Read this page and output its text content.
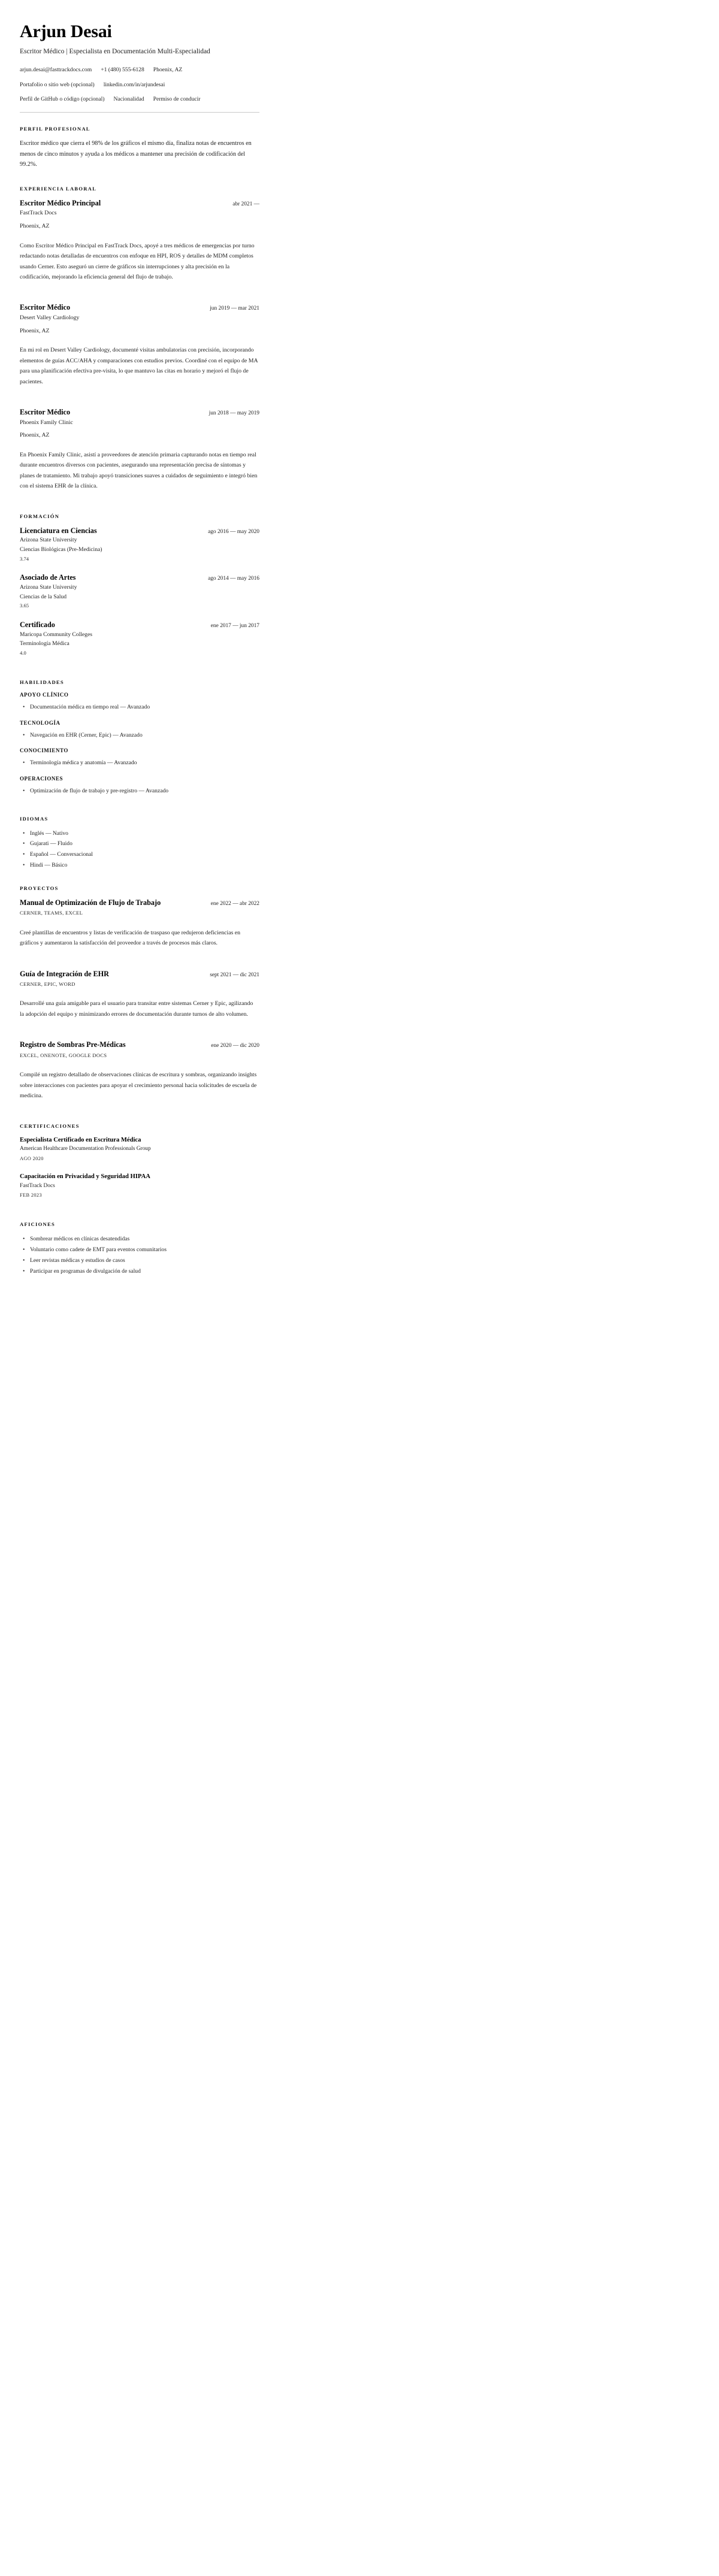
Arjun Desai
Escritor Médico | Especialista en Documentación Multi-Especialidad
arjun.desai@fasttrackdocs.com +1 (480) 555-6128 Phoenix, AZ
Portafolio o sitio web (opcional) linkedin.com/in/arjundesai
Perfil de GitHub o código (opcional) Nacionalidad Permiso de conducir
PERFIL PROFESIONAL

Escritor médico que cierra el 98% de los gráficos el mismo día, finaliza notas de encuentros en menos de cinco minutos y ayuda a los médicos a mantener una precisión de codificación del 99.2%.

EXPERIENCIA LABORAL
Escritor Médico Principal	abr 2021 —
FastTrack Docs
Phoenix, AZ
Como Escritor Médico Principal en FastTrack Docs, apoyé a tres médicos de emergencias por turno redactando notas detalladas de encuentros con enfoque en HPI, ROS y detalles de MDM completos usando Cerner. Esto aseguró un cierre de gráficos sin interrupciones y alta precisión en la codificación, mejorando la eficiencia general del flujo de trabajo.
Escritor Médico	jun 2019 — mar 2021
Desert Valley Cardiology
Phoenix, AZ
En mi rol en Desert Valley Cardiology, documenté visitas ambulatorias con precisión, incorporando elementos de guías ACC/AHA y comparaciones con estudios previos. Coordiné con el equipo de MA para una planificación efectiva pre-visita, lo que mantuvo las citas en horario y mejoró el flujo de pacientes.
Escritor Médico	jun 2018 — may 2019
Phoenix Family Clinic
Phoenix, AZ
En Phoenix Family Clinic, asistí a proveedores de atención primaria capturando notas en tiempo real durante encuentros diversos con pacientes, asegurando una representación precisa de síntomas y planes de tratamiento. Mi trabajo apoyó transiciones suaves a cuidados de seguimiento e integró bien con el sistema EHR de la clínica.
FORMACIÓN
Licenciatura en Ciencias	ago 2016 — may 2020
Arizona State University
Ciencias Biológicas (Pre-Medicina)
3.74
Asociado de Artes	ago 2014 — may 2016
Arizona State University
Ciencias de la Salud
3.65
Certificado	ene 2017 — jun 2017
Maricopa Community Colleges
Terminología Médica
4.0
HABILIDADES
APOYO CLÍNICO
• Documentación médica en tiempo real — Avanzado
TECNOLOGÍA
• Navegación en EHR (Cerner, Epic) — Avanzado
CONOCIMIENTO
• Terminología médica y anatomía — Avanzado
OPERACIONES
• Optimización de flujo de trabajo y pre-registro — Avanzado
IDIOMAS
• Inglés — Nativo
• Gujarati — Fluido
• Español — Conversacional
• Hindi — Básico
PROYECTOS
Manual de Optimización de Flujo de Trabajo	ene 2022 — abr 2022
CERNER, TEAMS, EXCEL
Creé plantillas de encuentros y listas de verificación de traspaso que redujeron deficiencias en gráficos y aumentaron la satisfacción del proveedor a través de procesos más claros.
Guía de Integración de EHR	sept 2021 — dic 2021
CERNER, EPIC, WORD
Desarrollé una guía amigable para el usuario para transitar entre sistemas Cerner y Epic, agilizando la adopción del equipo y minimizando errores de documentación durante turnos de alto volumen.
Registro de Sombras Pre-Médicas	ene 2020 — dic 2020
EXCEL, ONENOTE, GOOGLE DOCS
Compilé un registro detallado de observaciones clínicas de escritura y sombras, organizando insights sobre interacciones con pacientes para apoyar el crecimiento personal hacia solicitudes de escuela de medicina.
CERTIFICACIONES
Especialista Certificado en Escritura Médica
American Healthcare Documentation Professionals Group
AGO 2020
Capacitación en Privacidad y Seguridad HIPAA
FastTrack Docs
FEB 2023
AFICIONES
• Sombrear médicos en clínicas desatendidas
• Voluntario como cadete de EMT para eventos comunitarios
• Leer revistas médicas y estudios de casos
• Participar en programas de divulgación de salud
